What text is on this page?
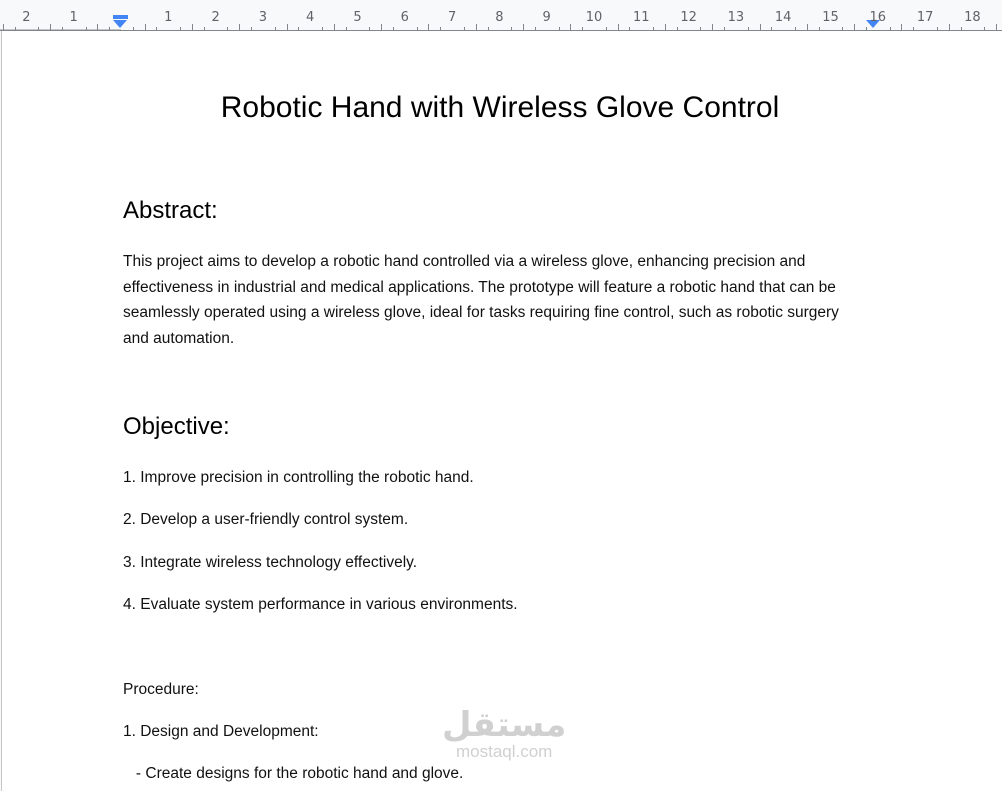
2	1	1	2	3	4	5	6	7	8	9	10 11 12 13 14 15 16 17 18
Robotic Hand with Wireless Glove Control
Abstract:
This project aims to develop a robotic hand controlled via a wireless glove, enhancing precision and effectiveness in industrial and medical applications. The prototype will feature a robotic hand that can be seamlessly operated using a wireless glove, ideal for tasks requiring fine control, such as robotic surgery and automation.
Objective:
1. Improve precision in controlling the robotic hand.
2. Develop a user-friendly control system.
3. Integrate wireless technology effectively.
4. Evaluate system performance in various environments.
Procedure:
1. Design and Development:
- Create designs for the robotic hand and glove.
مستقل
mostaql.com
